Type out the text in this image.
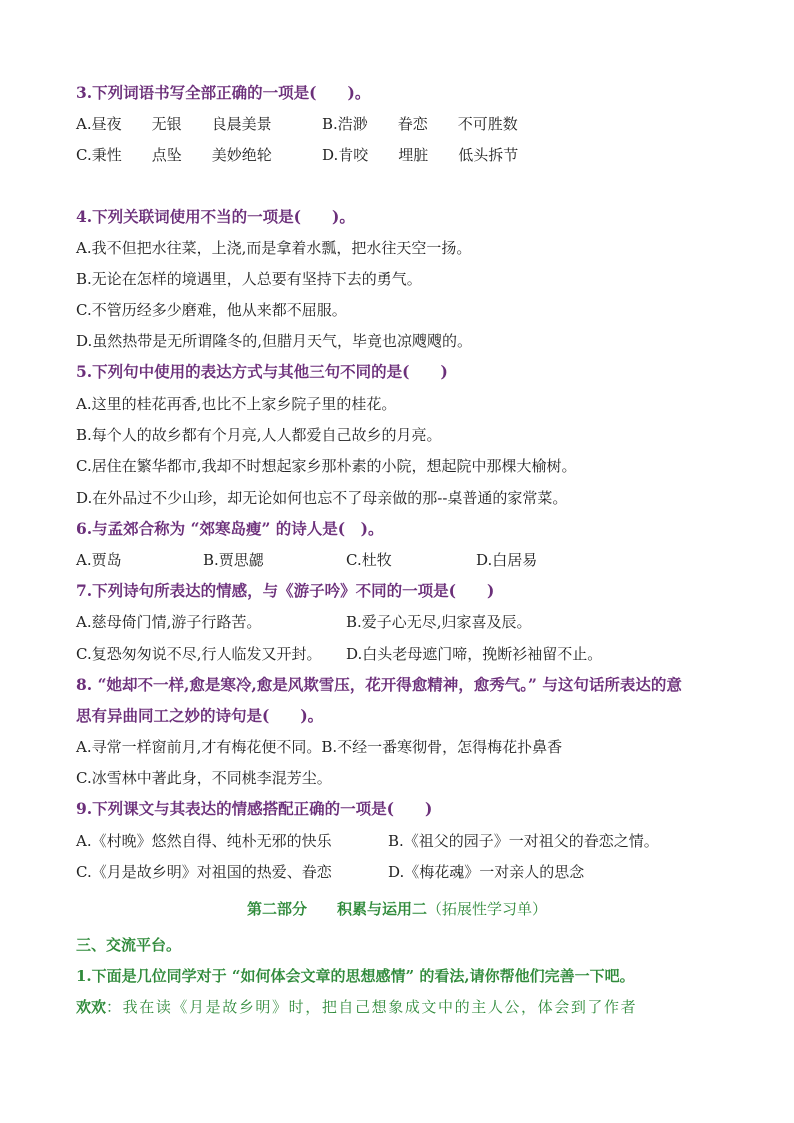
3.下列词语书写全部正确的一项是(　　)。
A.昼夜　　无银　　良晨美景	B.浩渺　　眷恋　　不可胜数
C.秉性　　点坠　　美妙绝轮	D.肯咬　　埋脏　　低头拆节
4.下列关联词使用不当的一项是(　　)。
A.我不但把水往菜，上浇,而是拿着水瓢，把水往天空一扬。
B.无论在怎样的境遇里，人总要有坚持下去的勇气。
C.不管历经多少磨难，他从来都不屈服。
D.虽然热带是无所谓隆冬的,但腊月天气，毕竟也凉飕飕的。
5.下列句中使用的表达方式与其他三句不同的是(　　)
A.这里的桂花再香,也比不上家乡院子里的桂花。
B.每个人的故乡都有个月亮,人人都爱自己故乡的月亮。
C.居住在繁华都市,我却不时想起家乡那朴素的小院，想起院中那棵大榆树。
D.在外品过不少山珍，却无论如何也忘不了母亲做的那--桌普通的家常菜。
6.与孟郊合称为 “郊寒岛瘦” 的诗人是(　)。
A.贾岛	B.贾思勰	C.杜牧	D.白居易
7.下列诗句所表达的情感，与《游子吟》不同的一项是(　　)
A.慈母倚门情,游子行路苦。	B.爱子心无尽,归家喜及辰。
C.复恐匆匆说不尽,行人临发又开封。 D.白头老母遮门啼，挽断衫袖留不止。
8. “她却不一样,愈是寒冷,愈是风欺雪压，花开得愈精神，愈秀气。” 与这句话所表达的意
思有异曲同工之妙的诗句是(　　)。
A.寻常一样窗前月,才有梅花便不同。B.不经一番寒彻骨，怎得梅花扑鼻香
C.冰雪林中著此身，不同桃李混芳尘。
9.下列课文与其表达的情感搭配正确的一项是(　　)
A.《村晚》悠然自得、纯朴无邪的快乐	B.《祖父的园子》一对祖父的眷恋之情。
C.《月是故乡明》对祖国的热爱、眷恋	D.《梅花魂》一对亲人的思念
第二部分　　积累与运用二（拓展性学习单）
三、交流平台。
1.下面是几位同学对于 “如何体会文章的思想感情” 的看法,请你帮他们完善一下吧。
欢欢：我在读《月是故乡明》时，把自己想象成文中的主人公，体会到了作者
